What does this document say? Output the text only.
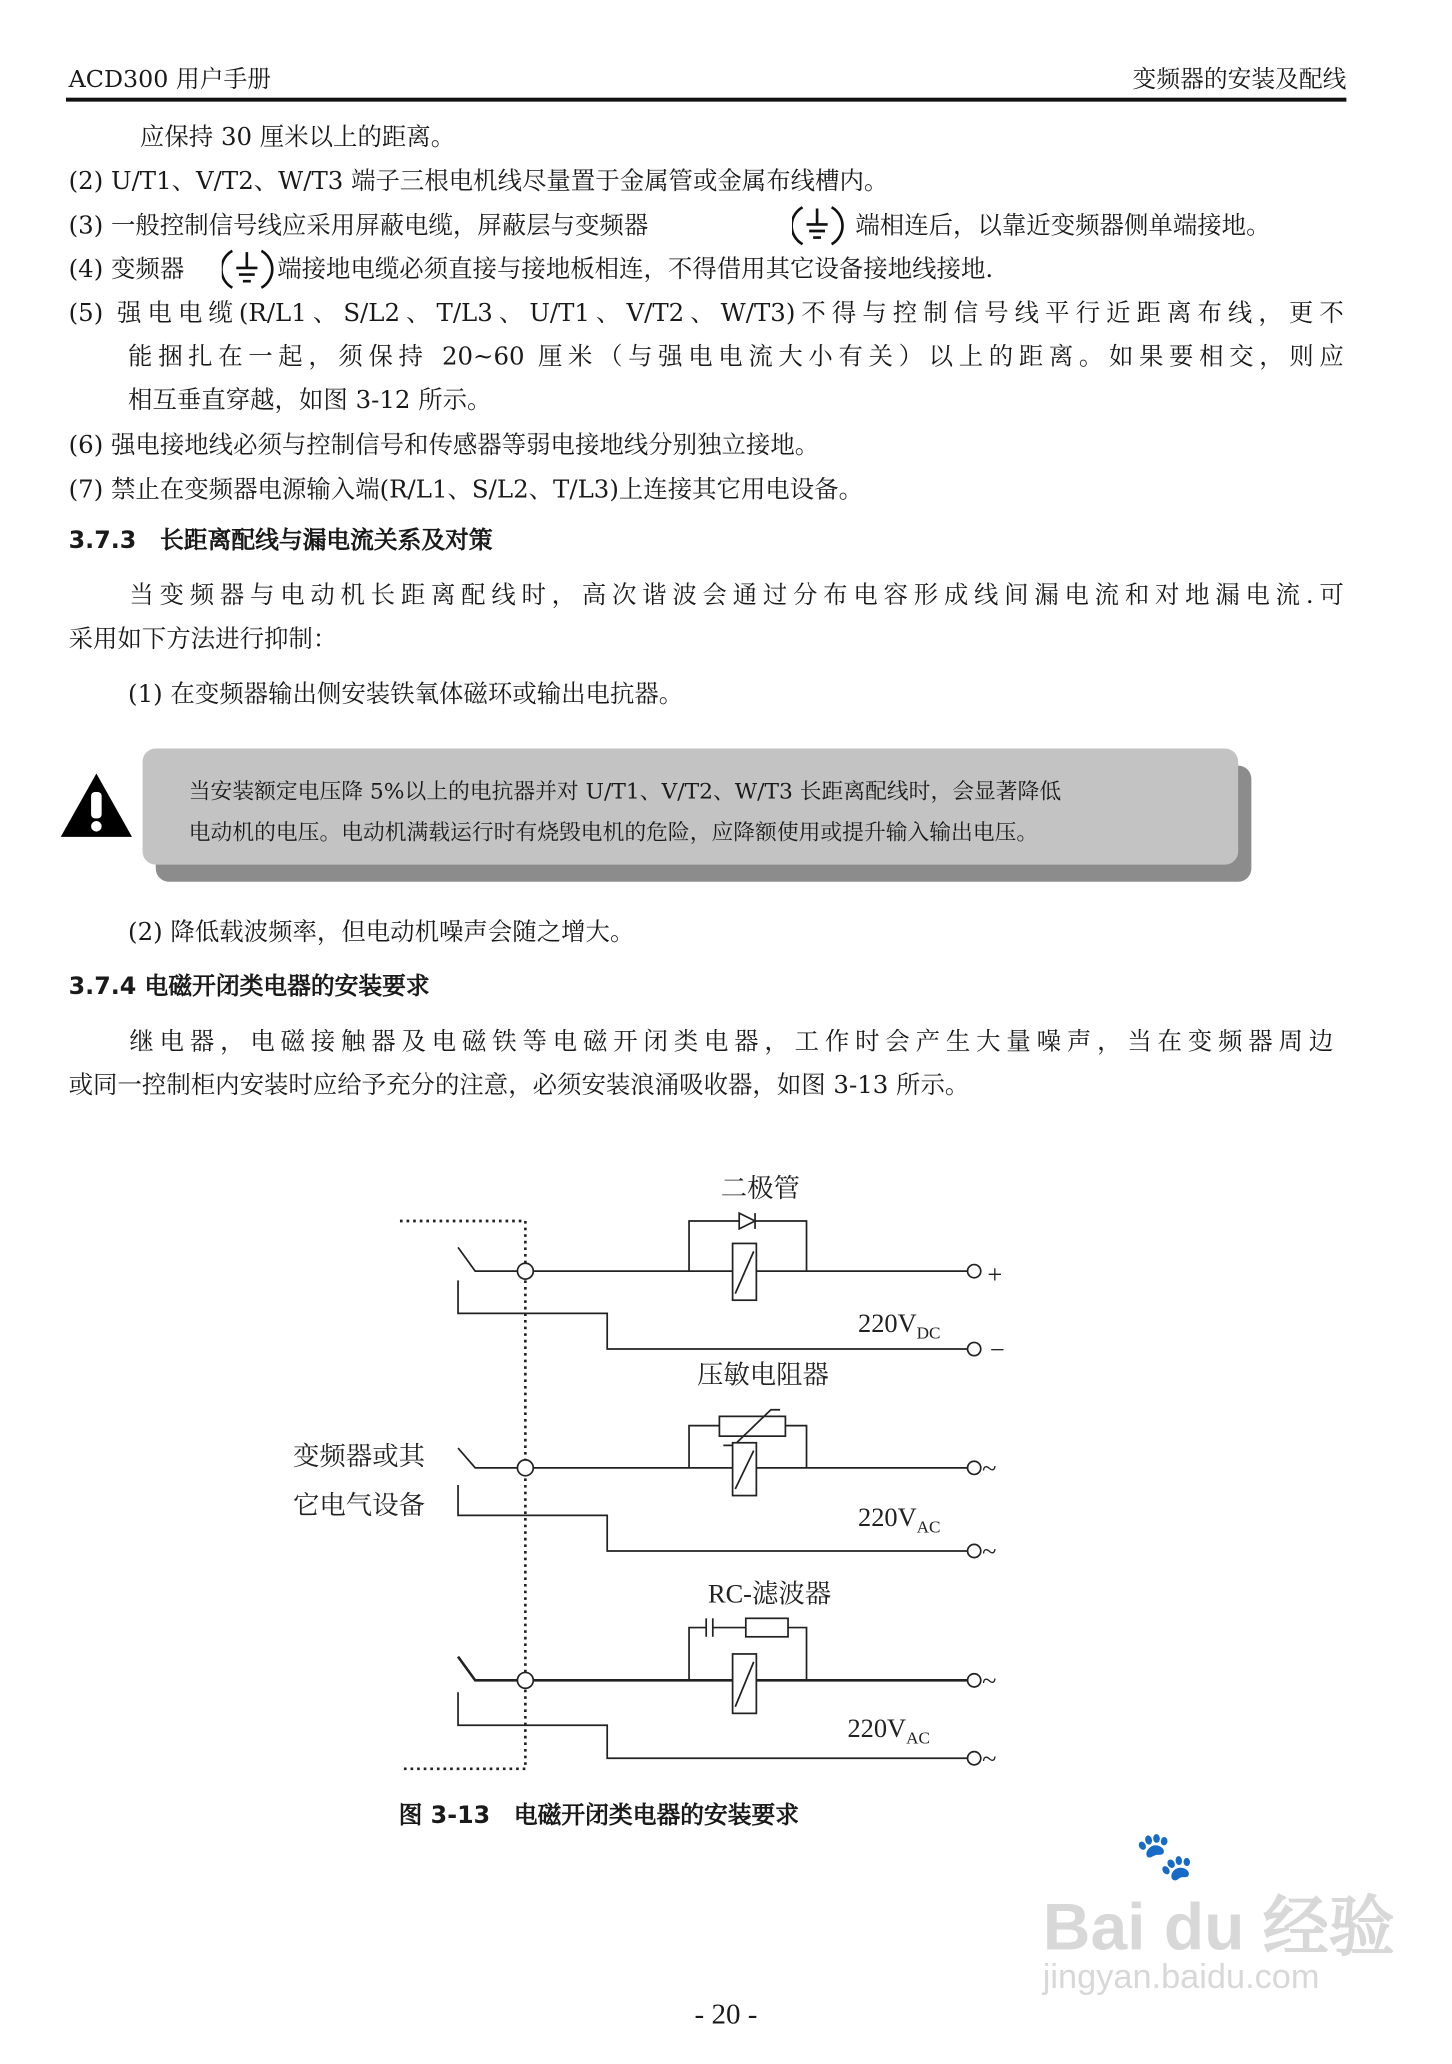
ACD300 用户手册	变频器的安装及配线
应保持 30 厘米以上的距离。
(2) U/T1、V/T2、W/T3 端子三根电机线尽量置于金属管或金属布线槽内。
(3) 一般控制信号线应采用屏蔽电缆，屏蔽层与变频器	端相连后，以靠近变频器侧单端接地。
(4) 变频器	端接地电缆必须直接与接地板相连，不得借用其它设备接地线接地.
(5) 强电电缆(R/L1、S/L2、T/L3、U/T1、V/T2、W/T3)不得与控制信号线平行近距离布线，更不
能捆扎在一起，须保持 20~60 厘米（与强电电流大小有关）以上的距离。如果要相交，则应
相互垂直穿越，如图 3-12 所示。
(6) 强电接地线必须与控制信号和传感器等弱电接地线分别独立接地。
(7) 禁止在变频器电源输入端(R/L1、S/L2、T/L3)上连接其它用电设备。
3.7.3　长距离配线与漏电流关系及对策
当变频器与电动机长距离配线时，高次谐波会通过分布电容形成线间漏电流和对地漏电流.可
采用如下方法进行抑制：
(1) 在变频器输出侧安装铁氧体磁环或输出电抗器。
当安装额定电压降 5%以上的电抗器并对 U/T1、V/T2、W/T3 长距离配线时，会显著降低
电动机的电压。电动机满载运行时有烧毁电机的危险，应降额使用或提升输入输出电压。
(2) 降低载波频率，但电动机噪声会随之增大。
3.7.4 电磁开闭类电器的安装要求
继电器，电磁接触器及电磁铁等电磁开闭类电器，工作时会产生大量噪声，当在变频器周边
或同一控制柜内安装时应给予充分的注意，必须安装浪涌吸收器，如图 3-13 所示。
二极管
压敏电阻器
RC-滤波器
变频器或其
它电气设备
+
−
~
~
~
~
$220V_{DC}$
$220V_{AC}$
$220V_{AC}$
图 3-13　电磁开闭类电器的安装要求
Bai du 经验
🐾
jingyan.baidu.com
- 20 -
